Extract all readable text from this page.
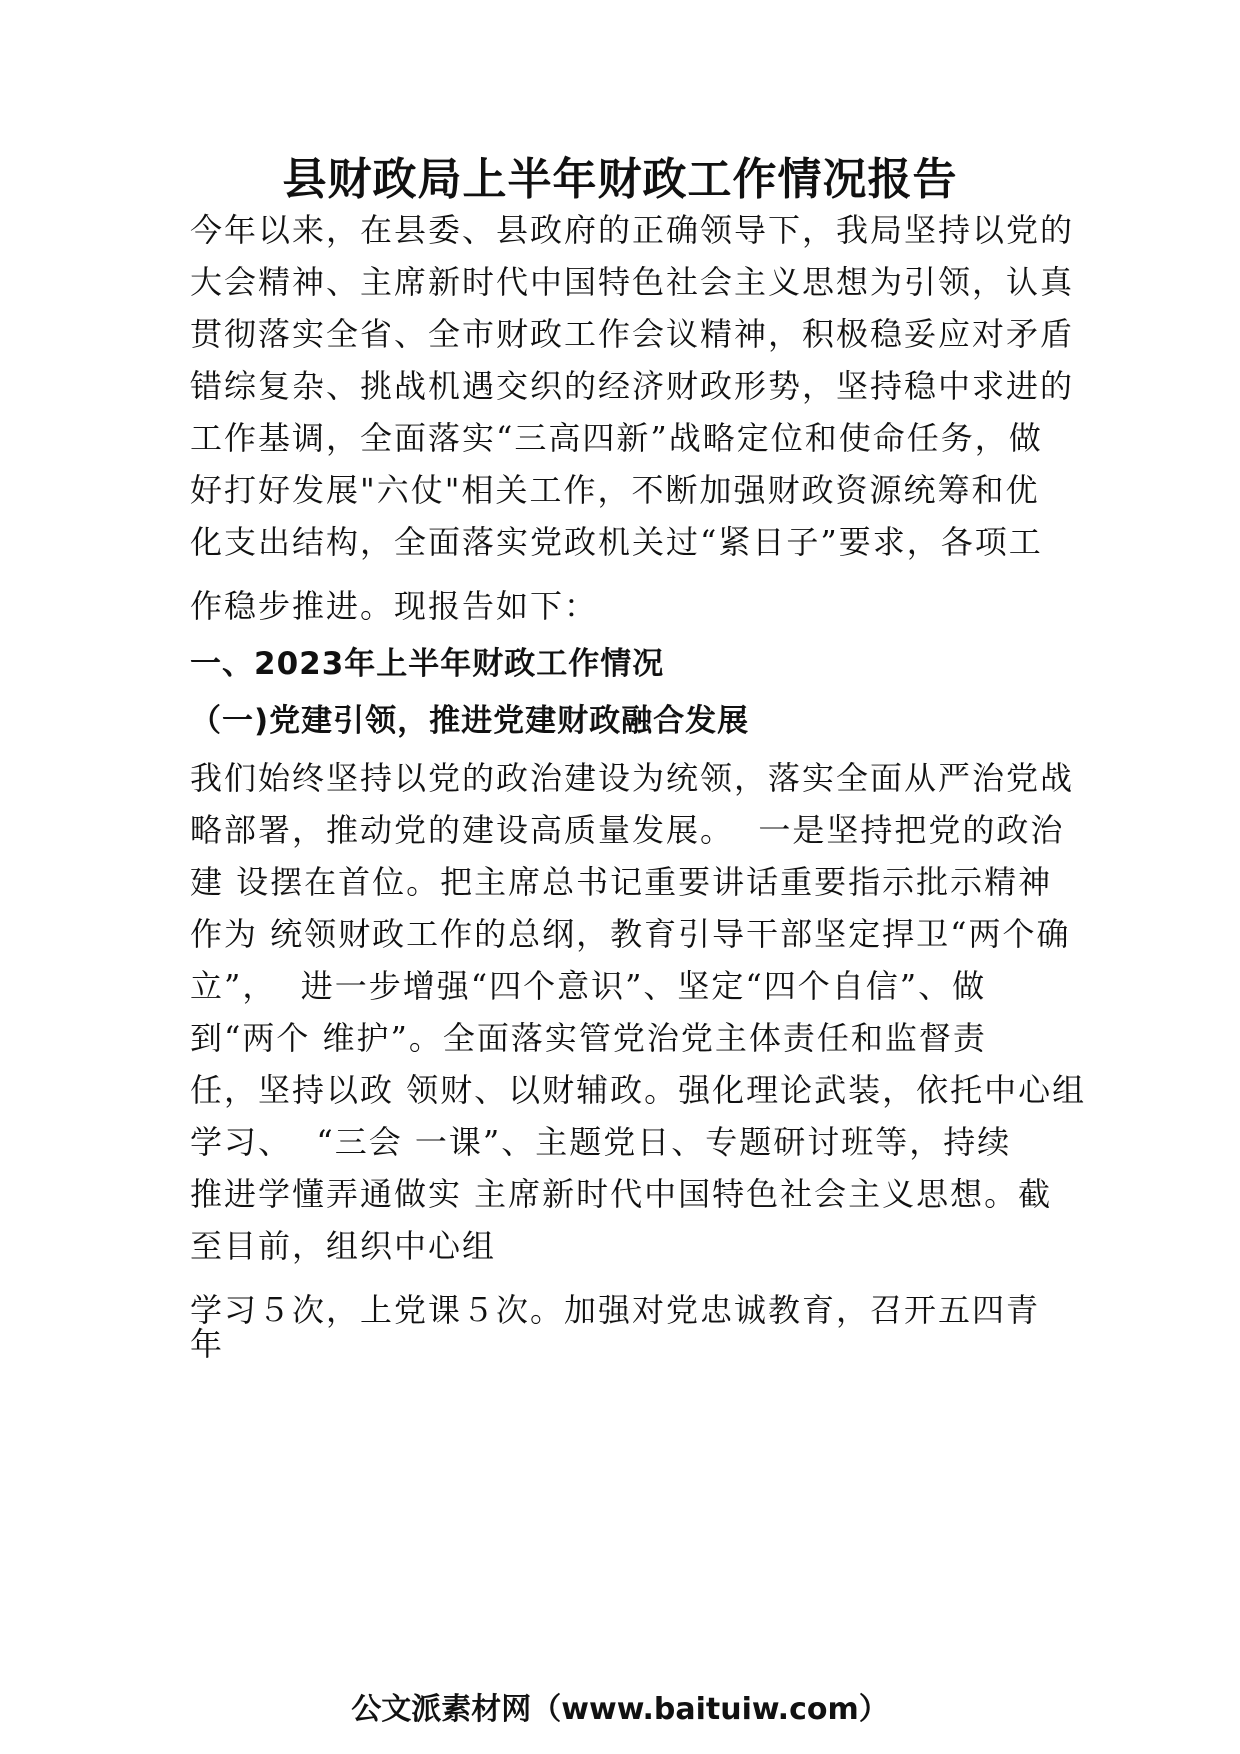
县财政局上半年财政工作情况报告
今年以来，在县委、县政府的正确领导下，我局坚持以党的
大会精神、主席新时代中国特色社会主义思想为引领，认真
贯彻落实全省、全市财政工作会议精神，积极稳妥应对矛盾
错综复杂、挑战机遇交织的经济财政形势，坚持稳中求进的
工作基调，全面落实“三高四新”战略定位和使命任务，做
好打好发展"六仗"相关工作，不断加强财政资源统筹和优
化支出结构，全面落实党政机关过“紧日子”要求，各项工
作稳步推进。现报告如下：
一、2023年上半年财政工作情况
（一)党建引领，推进党建财政融合发展
我们始终坚持以党的政治建设为统领，落实全面从严治党战
略部署，推动党的建设高质量发展。  一是坚持把党的政治
建 设摆在首位。把主席总书记重要讲话重要指示批示精神
作为 统领财政工作的总纲，教育引导干部坚定捍卫“两个确
立”，  进一步增强“四个意识”、坚定“四个自信”、做
到“两个 维护”。全面落实管党治党主体责任和监督责
任，坚持以政 领财、以财辅政。强化理论武装，依托中心组
学习、  “三会 一课”、主题党日、专题研讨班等，持续
推进学懂弄通做实 主席新时代中国特色社会主义思想。截
至目前，组织中心组
学习５次，上党课５次。加强对党忠诚教育，召开五四青
年
公文派素材网（www.baituiw.com）
